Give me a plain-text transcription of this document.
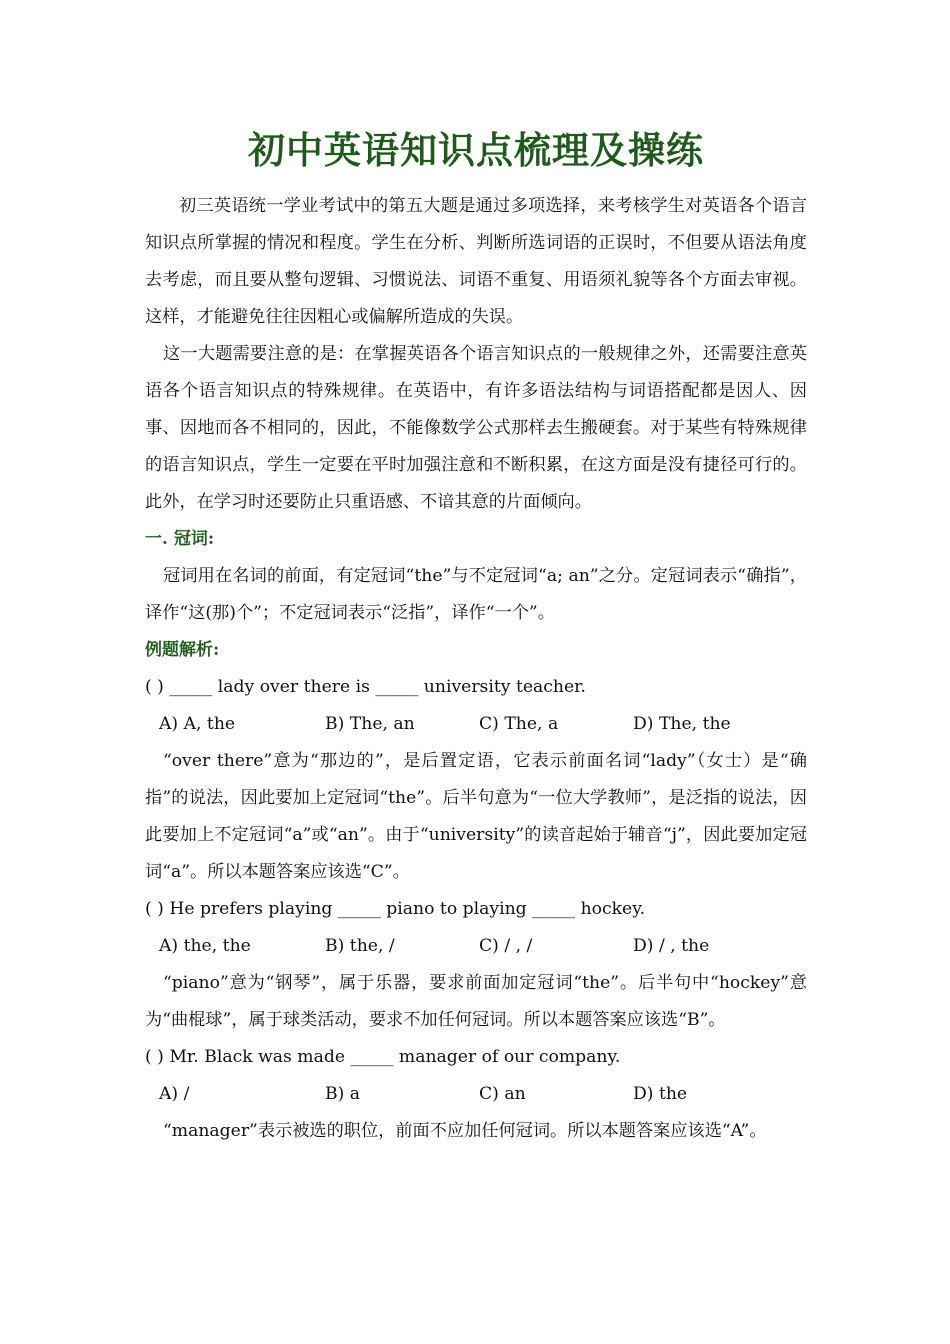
初中英语知识点梳理及操练

初三英语统一学业考试中的第五大题是通过多项选择，来考核学生对英语各个语言知识点所掌握的情况和程度。学生在分析、判断所选词语的正误时，不但要从语法角度去考虑，而且要从整句逻辑、习惯说法、词语不重复、用语须礼貌等各个方面去审视。这样，才能避免往往因粗心或偏解所造成的失误。

这一大题需要注意的是：在掌握英语各个语言知识点的一般规律之外，还需要注意英语各个语言知识点的特殊规律。在英语中，有许多语法结构与词语搭配都是因人、因事、因地而各不相同的，因此，不能像数学公式那样去生搬硬套。对于某些有特殊规律的语言知识点，学生一定要在平时加强注意和不断积累，在这方面是没有捷径可行的。此外，在学习时还要防止只重语感、不谙其意的片面倾向。

一. 冠词:

冠词用在名词的前面，有定冠词“the”与不定冠词“a; an”之分。定冠词表示“确指”，译作“这(那)个”；不定冠词表示“泛指”，译作“一个”。

例题解析:

( ) _____ lady over there is _____ university teacher.

A) A, the	B) The, an	C) The, a	D) The, the

“over there”意为“那边的”，是后置定语，它表示前面名词“lady”（女士）是“确指”的说法，因此要加上定冠词“the”。后半句意为“一位大学教师”，是泛指的说法，因此要加上不定冠词“a”或“an”。由于“university”的读音起始于辅音“j”，因此要加定冠词“a”。所以本题答案应该选“C”。

( ) He prefers playing _____ piano to playing _____ hockey.

A) the, the	B) the, /	C) / , /	D) / , the

“piano”意为“钢琴”，属于乐器，要求前面加定冠词“the”。后半句中“hockey”意为“曲棍球”，属于球类活动，要求不加任何冠词。所以本题答案应该选“B”。

( ) Mr. Black was made _____ manager of our company.

A) /	B) a	C) an	D) the

“manager”表示被选的职位，前面不应加任何冠词。所以本题答案应该选“A”。
